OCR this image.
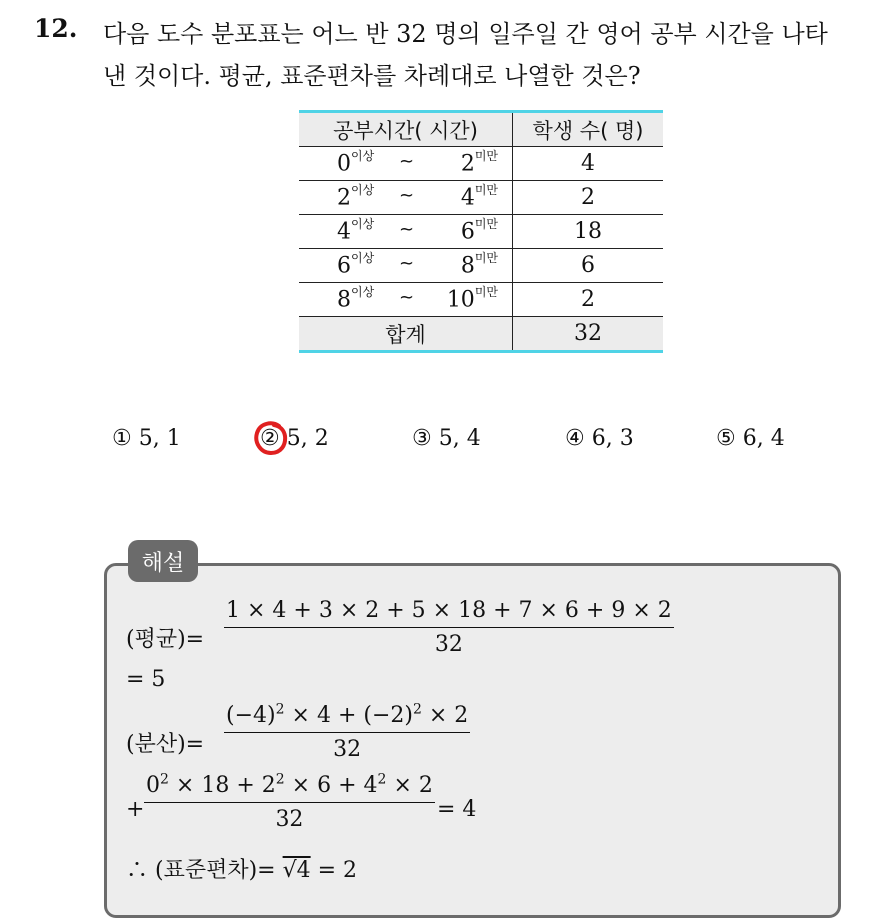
12. 다음 도수 분포표는 어느 반 32 명의 일주일 간 영어 공부 시간을 나타
낸 것이다. 평균, 표준편차를 차례대로 나열한 것은?
공부시간( 시간)	학생 수( 명)

$0^{이상}$ ~ $2^{미만}$	4

$2^{이상}$ ~ $4^{미만}$	2

$4^{이상}$ ~ $6^{미만}$	18

$6^{이상}$ ~ $8^{미만}$	6

$8^{이상}$ ~ $10^{미만}$	2
합계	32
① 5, 1	② 5, 2	③ 5, 4	④ 6, 3	⑤ 6, 4
해설
(평균)= $\frac{1 \times 4 + 3 \times 2 + 5 \times 18 + 7 \times 6 + 9 \times 2}{32}$
= 5
(분산)= $\frac{(-4)^2 \times 4 + (-2)^2 \times 2}{32}$
+ $\frac{0^2 \times 18 + 2^2 \times 6 + 4^2 \times 2}{32} = 4$
∴ (표준편차)= √4 = 2
